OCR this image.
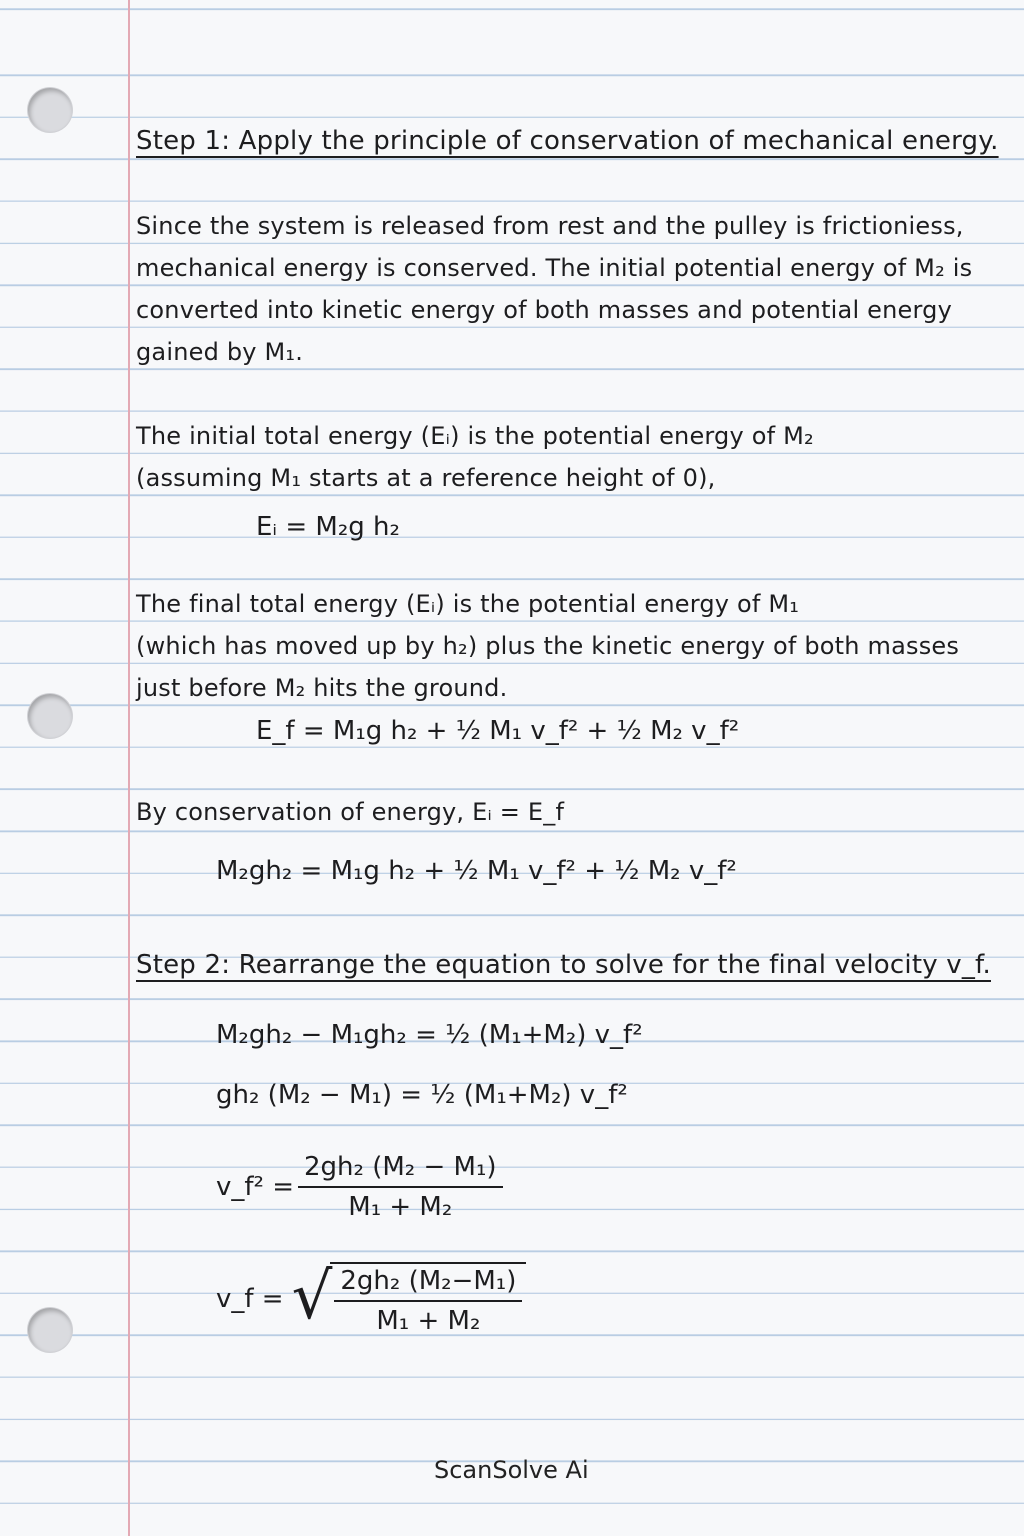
Step 1: Apply the principle of conservation of mechanical energy.
Since the system is released from rest and the pulley is frictioniess,
mechanical energy is conserved. The initial potential energy of M₂ is
converted into kinetic energy of both masses and potential energy
gained by M₁.
The initial total energy (Eᵢ) is the potential energy of M₂
(assuming M₁ starts at a reference height of 0),
Eᵢ = M₂g h₂
The final total energy (Eᵢ) is the potential energy of M₁
(which has moved up by h₂) plus the kinetic energy of both masses
just before M₂ hits the ground.
E_f = M₁g h₂ + ½ M₁ v_f² + ½ M₂ v_f²
By conservation of energy, Eᵢ = E_f
M₂gh₂ = M₁g h₂ + ½ M₁ v_f² + ½ M₂ v_f²
Step 2: Rearrange the equation to solve for the final velocity v_f.
M₂gh₂ − M₁gh₂ = ½ (M₁+M₂) v_f²
gh₂ (M₂ − M₁) = ½ (M₁+M₂) v_f²
v_f² = $\frac{\text{2gh₂ (M₂ − M₁)}}{\text{M₁ + M₂}}$
v_f = √ $\frac{\text{2gh₂ (M₂−M₁)}}{\text{M₁ + M₂}}$
ScanSolve Ai
